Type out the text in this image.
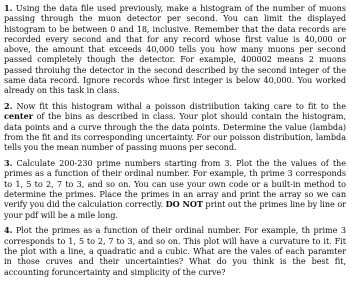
1. Using the data file used previously, make a histogram of the number of muons passing through the muon detector per second. You can limit the displayed histogram to be between 0 and 18, inclusive. Remember that the data records are recorded every second and that for any record whose first value is 40,000 or above, the amount that exceeds 40,000 tells you how many muons per second passed completely though the detector. For example, 400002 means 2 muons passed throiuhg the detector in the second described by the second integer of the same data record. Ignore records whoe first integer is below 40,000. You worked already on this task in class.

2. Now fit this histogram withal a poisson distriibution taking care to fit to the center of the bins as described in class. Your plot should contain the histogram, data points and a curve through the the data points. Determine the value (lambda) from the fit and its corresponding uncertainty. For our poisson distribution, lambda tells you the mean number of passing muons per second.

3. Calculate 200-230 prime numbers starting from 3. Plot the the values of the primes as a function of their ordinal number. For example, th prime 3 corresponds to 1, 5 to 2, 7 to 3, and so on. You can use your own code or a built-in method to determine the primes. Place the primes in an array and print the array so we can verify you did the calculation correctly. DO NOT print out the primes line by line or your pdf will be a mile long.

4. Plot the primes as a function of their ordinal number. For example, th prime 3 corresponds to 1, 5 to 2, 7 to 3, and so on. This plot will have a curvature to it. Fit the plot with a line, a quadratic and a cubic. What are the vales of each paramter in those cruves and their uncertainties? What do you think is the best fit, accounting foruncertainty and simplicity of the curve?
